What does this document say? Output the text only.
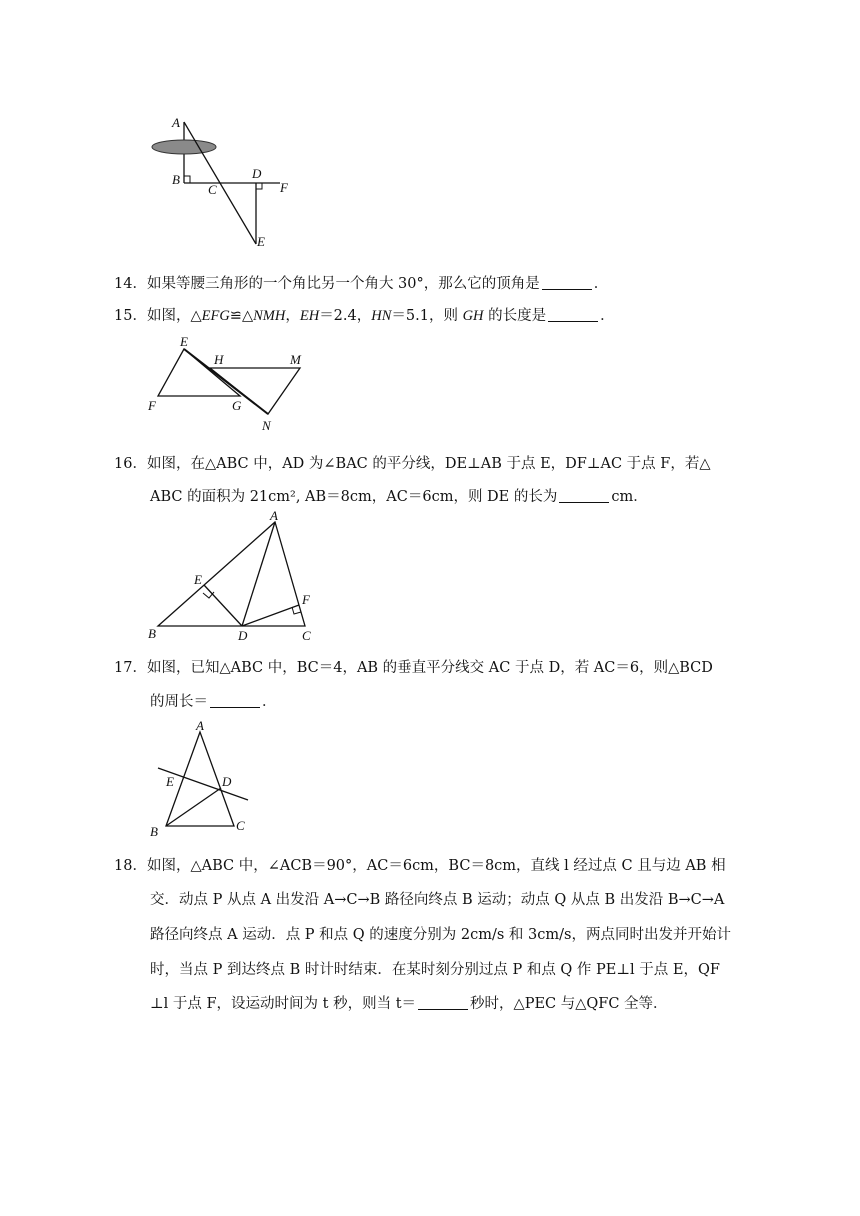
A
B
C
D
F
E
14．如果等腰三角形的一个角比另一个角大 30°，那么它的顶角是	．
15．如图，△EFG≌△NMH，EH＝2.4，HN＝5.1，则 GH 的长度是	．
E
H	M
F	G
N
16．如图，在△ABC 中，AD 为∠BAC 的平分线，DE⊥AB 于点 E，DF⊥AC 于点 F，若△
ABC 的面积为 21cm², AB＝8cm，AC＝6cm，则 DE 的长为	cm．
A
E
F
B	D	C
17．如图，已知△ABC 中，BC＝4，AB 的垂直平分线交 AC 于点 D，若 AC＝6，则△BCD
的周长＝	．
A
E	D
B	C
18．如图，△ABC 中，∠ACB＝90°，AC＝6cm，BC＝8cm，直线 l 经过点 C 且与边 AB 相
交．动点 P 从点 A 出发沿 A→C→B 路径向终点 B 运动；动点 Q 从点 B 出发沿 B→C→A
路径向终点 A 运动．点 P 和点 Q 的速度分别为 2cm/s 和 3cm/s，两点同时出发并开始计
时，当点 P 到达终点 B 时计时结束．在某时刻分别过点 P 和点 Q 作 PE⊥l 于点 E，QF
⊥l 于点 F，设运动时间为 t 秒，则当 t＝	秒时，△PEC 与△QFC 全等．
